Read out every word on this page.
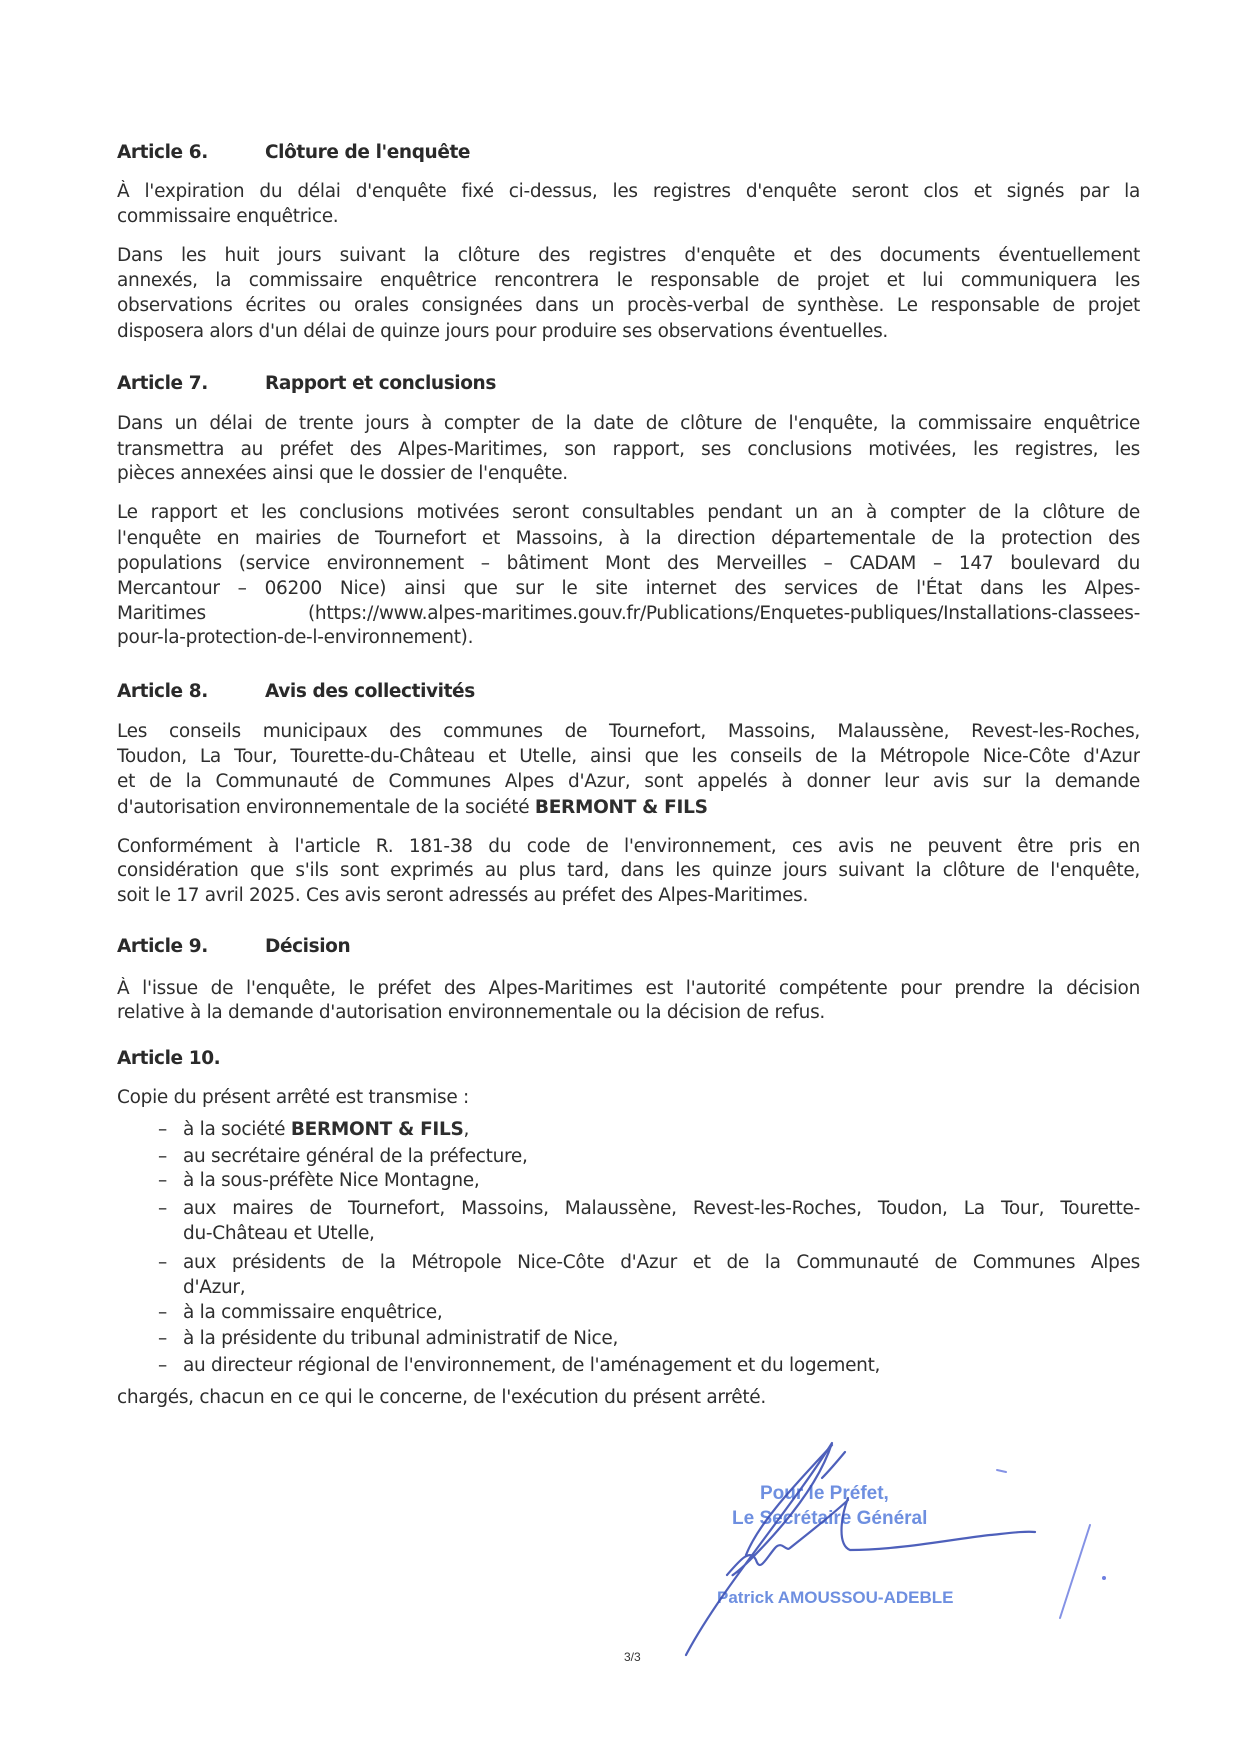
Article 6.	Clôture de l'enquête
À l'expiration du délai d'enquête fixé ci-dessus, les registres d'enquête seront clos et signés par la
commissaire enquêtrice.
Dans les huit jours suivant la clôture des registres d'enquête et des documents éventuellement
annexés, la commissaire enquêtrice rencontrera le responsable de projet et lui communiquera les
observations écrites ou orales consignées dans un procès-verbal de synthèse. Le responsable de projet
disposera alors d'un délai de quinze jours pour produire ses observations éventuelles.
Article 7.	Rapport et conclusions
Dans un délai de trente jours à compter de la date de clôture de l'enquête, la commissaire enquêtrice
transmettra au préfet des Alpes-Maritimes, son rapport, ses conclusions motivées, les registres, les
pièces annexées ainsi que le dossier de l'enquête.
Le rapport et les conclusions motivées seront consultables pendant un an à compter de la clôture de
l'enquête en mairies de Tournefort et Massoins, à la direction départementale de la protection des
populations (service environnement – bâtiment Mont des Merveilles – CADAM – 147 boulevard du
Mercantour – 06200 Nice) ainsi que sur le site internet des services de l'État dans les Alpes-
Maritimes (https://www.alpes-maritimes.gouv.fr/Publications/Enquetes-publiques/Installations-classees-
pour-la-protection-de-l-environnement).
Article 8.	Avis des collectivités
Les conseils municipaux des communes de Tournefort, Massoins, Malaussène, Revest-les-Roches,
Toudon, La Tour, Tourette-du-Château et Utelle, ainsi que les conseils de la Métropole Nice-Côte d'Azur
et de la Communauté de Communes Alpes d'Azur, sont appelés à donner leur avis sur la demande
d'autorisation environnementale de la société BERMONT & FILS
Conformément à l'article R. 181-38 du code de l'environnement, ces avis ne peuvent être pris en
considération que s'ils sont exprimés au plus tard, dans les quinze jours suivant la clôture de l'enquête,
soit le 17 avril 2025. Ces avis seront adressés au préfet des Alpes-Maritimes.
Article 9.	Décision
À l'issue de l'enquête, le préfet des Alpes-Maritimes est l'autorité compétente pour prendre la décision
relative à la demande d'autorisation environnementale ou la décision de refus.
Article 10.
Copie du présent arrêté est transmise :
– à la société BERMONT & FILS,
– au secrétaire général de la préfecture,
– à la sous-préfète Nice Montagne,
– aux maires de Tournefort, Massoins, Malaussène, Revest-les-Roches, Toudon, La Tour, Tourette-
du-Château et Utelle,
– aux présidents de la Métropole Nice-Côte d'Azur et de la Communauté de Communes Alpes
d'Azur,
– à la commissaire enquêtrice,
– à la présidente du tribunal administratif de Nice,
– au directeur régional de l'environnement, de l'aménagement et du logement,
chargés, chacun en ce qui le concerne, de l'exécution du présent arrêté.
Pour le Préfet,
Le Secrétaire Général
Patrick AMOUSSOU-ADEBLE
3/3
